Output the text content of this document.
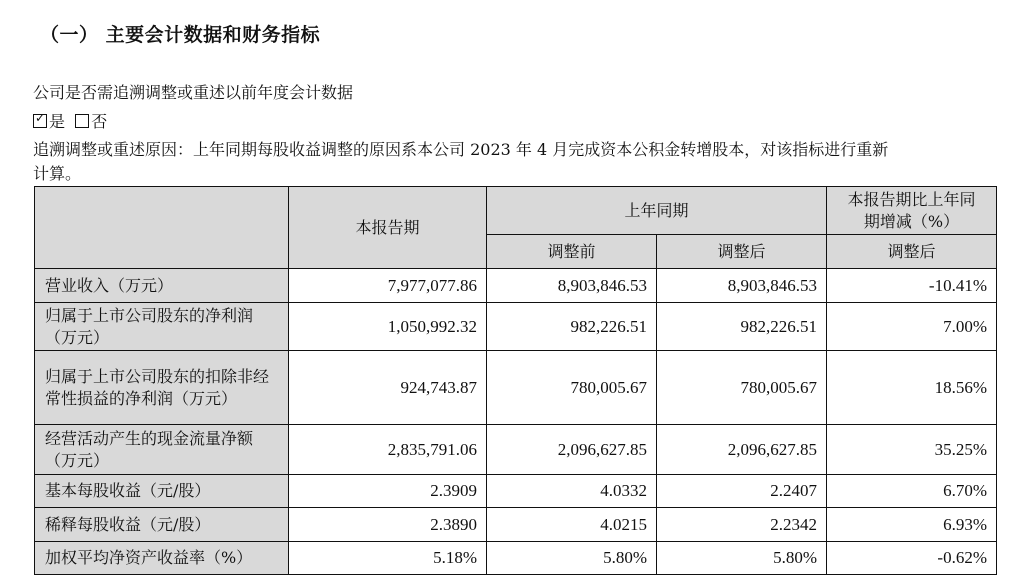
（一） 主要会计数据和财务指标
公司是否需追溯调整或重述以前年度会计数据
✓是 否
追溯调整或重述原因：上年同期每股收益调整的原因系本公司 2023 年 4 月完成资本公积金转增股本，对该指标进行重新
计算。
	本报告期	上年同期		本报告期比上年同期增减（%）
		调整前	调整后	调整后
营业收入（万元）	7,977,077.86	8,903,846.53	8,903,846.53	-10.41%
归属于上市公司股东的净利润（万元）	1,050,992.32	982,226.51	982,226.51	7.00%
归属于上市公司股东的扣除非经常性损益的净利润（万元）	924,743.87	780,005.67	780,005.67	18.56%
经营活动产生的现金流量净额（万元）	2,835,791.06	2,096,627.85	2,096,627.85	35.25%
基本每股收益（元/股）	2.3909	4.0332	2.2407	6.70%
稀释每股收益（元/股）	2.3890	4.0215	2.2342	6.93%
加权平均净资产收益率（%）	5.18%	5.80%	5.80%	-0.62%
